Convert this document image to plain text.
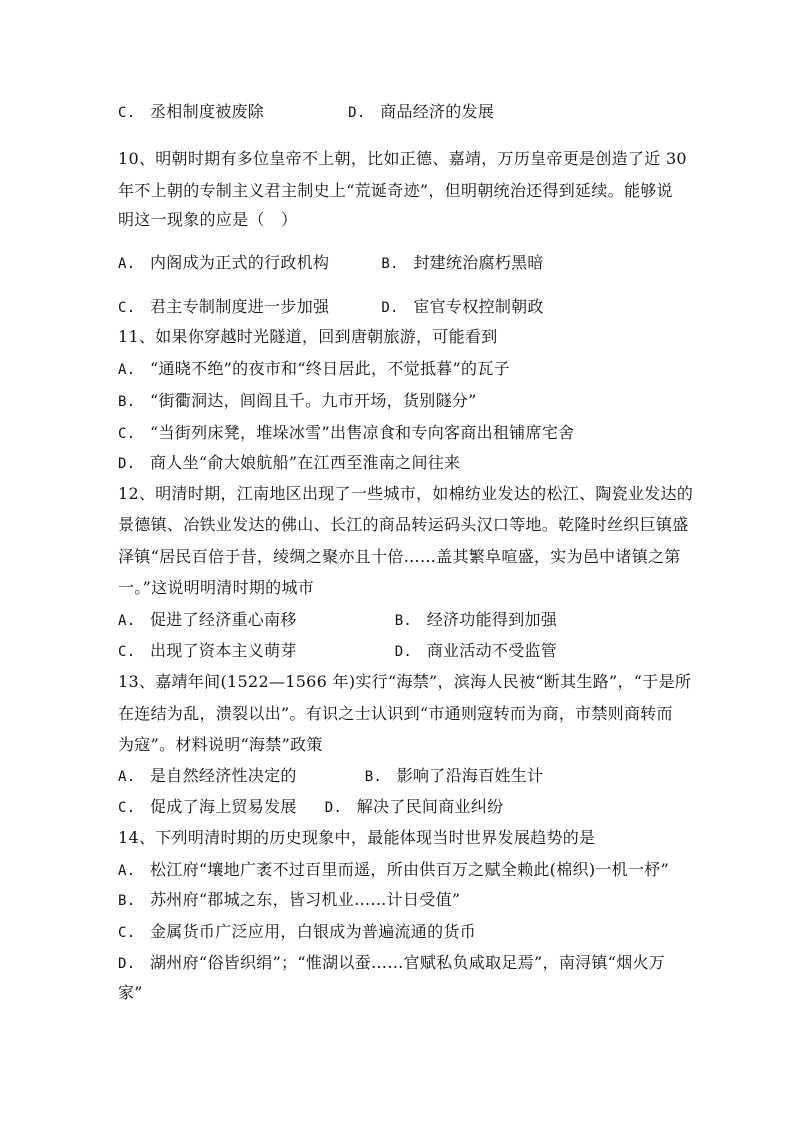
C. 丞相制度被废除	D. 商品经济的发展
10、明朝时期有多位皇帝不上朝，比如正德、嘉靖，万历皇帝更是创造了近 30
年不上朝的专制主义君主制史上“荒诞奇迹”，但明朝统治还得到延续。能够说
明这一现象的应是（　）
A. 内阁成为正式的行政机构	B. 封建统治腐朽黑暗
C. 君主专制制度进一步加强	D. 宦官专权控制朝政
11、如果你穿越时光隧道，回到唐朝旅游，可能看到
A. “通晓不绝”的夜市和“终日居此，不觉抵暮”的瓦子
B. “街衢洞达，闾阎且千。九市开场，货别隧分”
C. “当街列床凳，堆垛冰雪”出售凉食和专向客商出租铺席宅舍
D. 商人坐“俞大娘航船”在江西至淮南之间往来
12、明清时期，江南地区出现了一些城市，如棉纺业发达的松江、陶瓷业发达的
景德镇、冶铁业发达的佛山、长江的商品转运码头汉口等地。乾隆时丝织巨镇盛
泽镇“居民百倍于昔，绫绸之聚亦且十倍……盖其繁阜喧盛，实为邑中诸镇之第
一。”这说明明清时期的城市
A. 促进了经济重心南移	B. 经济功能得到加强
C. 出现了资本主义萌芽	D. 商业活动不受监管
13、嘉靖年间(1522—1566 年)实行“海禁”，滨海人民被“断其生路”，“于是所
在连结为乱，溃裂以出”。有识之士认识到“市通则寇转而为商，市禁则商转而
为寇”。材料说明“海禁”政策
A. 是自然经济性决定的	B. 影响了沿海百姓生计
C. 促成了海上贸易发展 D. 解决了民间商业纠纷
14、下列明清时期的历史现象中，最能体现当时世界发展趋势的是
A. 松江府“壤地广袤不过百里而遥，所由供百万之赋全赖此(棉织)一机一杼”
B. 苏州府“郡城之东，皆习机业……计日受值”
C. 金属货币广泛应用，白银成为普遍流通的货币
D. 湖州府“俗皆织绢”；“惟湖以蚕……官赋私负咸取足焉”，南浔镇“烟火万
家”
